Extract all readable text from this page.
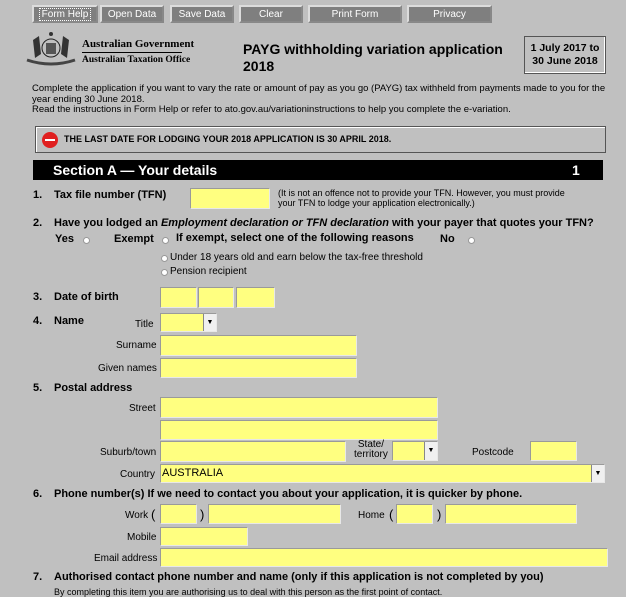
Form Help	Open Data	Save Data	Clear	Print Form	Privacy
Australian Government
Australian Taxation Office
PAYG withholding variation application
2018
1 July 2017 to
30 June 2018
Complete the application if you want to vary the rate or amount of pay as you go (PAYG) tax withheld from payments made to you for the
year ending 30 June 2018.
Read the instructions in Form Help or refer to ato.gov.au/variationinstructions to help you complete the e-variation.
THE LAST DATE FOR LODGING YOUR 2018 APPLICATION IS 30 APRIL 2018.
Section A — Your details	1
1. Tax file number (TFN)	(It is not an offence not to provide your TFN. However, you must provide
your TFN to lodge your application electronically.)
2. Have you lodged an Employment declaration or TFN declaration with your payer that quotes your TFN?
Yes	Exempt If exempt, select one of the following reasons No
Under 18 years old and earn below the tax-free threshold
Pension recipient
3. Date of birth
4. Name	Title	▼
Surname
Given names
5. Postal address
Street
Suburb/town
State/
territory	▼	Postcode
Country AUSTRALIA	▼
6. Phone number(s) If we need to contact you about your application, it is quicker by phone.
Work (	)	Home (	)
Mobile
Email address
7. Authorised contact phone number and name (only if this application is not completed by you)
By completing this item you are authorising us to deal with this person as the first point of contact.
